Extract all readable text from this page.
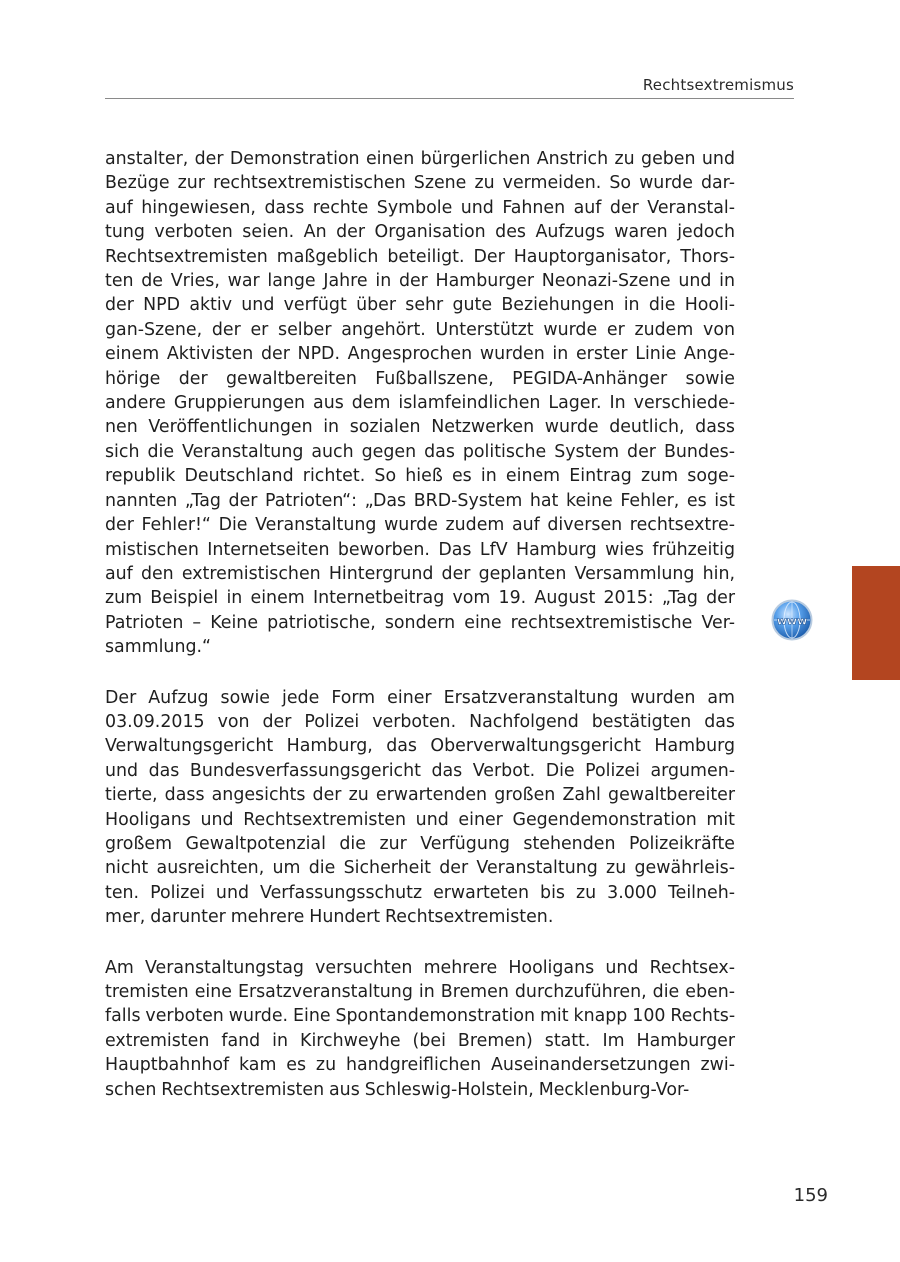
Rechtsextremismus

anstalter, der Demonstration einen bürgerlichen Anstrich zu geben und
Bezüge zur rechtsextremistischen Szene zu vermeiden. So wurde dar-
auf hingewiesen, dass rechte Symbole und Fahnen auf der Veranstal-
tung verboten seien. An der Organisation des Aufzugs waren jedoch
Rechtsextremisten maßgeblich beteiligt. Der Hauptorganisator, Thors-
ten de Vries, war lange Jahre in der Hamburger Neonazi-Szene und in
der NPD aktiv und verfügt über sehr gute Beziehungen in die Hooli-
gan-Szene, der er selber angehört. Unterstützt wurde er zudem von
einem Aktivisten der NPD. Angesprochen wurden in erster Linie Ange-
hörige der gewaltbereiten Fußballszene, PEGIDA-Anhänger sowie
andere Gruppierungen aus dem islamfeindlichen Lager. In verschiede-
nen Veröffentlichungen in sozialen Netzwerken wurde deutlich, dass
sich die Veranstaltung auch gegen das politische System der Bundes-
republik Deutschland richtet. So hieß es in einem Eintrag zum soge-
nannten „Tag der Patrioten“: „Das BRD-System hat keine Fehler, es ist
der Fehler!“ Die Veranstaltung wurde zudem auf diversen rechtsextre-
mistischen Internetseiten beworben. Das LfV Hamburg wies frühzeitig
auf den extremistischen Hintergrund der geplanten Versammlung hin,
zum Beispiel in einem Internetbeitrag vom 19. August 2015: „Tag der
Patrioten – Keine patriotische, sondern eine rechtsextremistische Ver-
sammlung.“

Der Aufzug sowie jede Form einer Ersatzveranstaltung wurden am
03.09.2015 von der Polizei verboten. Nachfolgend bestätigten das
Verwaltungsgericht Hamburg, das Oberverwaltungsgericht Hamburg
und das Bundesverfassungsgericht das Verbot. Die Polizei argumen-
tierte, dass angesichts der zu erwartenden großen Zahl gewaltbereiter
Hooligans und Rechtsextremisten und einer Gegendemonstration mit
großem Gewaltpotenzial die zur Verfügung stehenden Polizeikräfte
nicht ausreichten, um die Sicherheit der Veranstaltung zu gewährleis-
ten. Polizei und Verfassungsschutz erwarteten bis zu 3.000 Teilneh-
mer, darunter mehrere Hundert Rechtsextremisten.

Am Veranstaltungstag versuchten mehrere Hooligans und Rechtsex-
tremisten eine Ersatzveranstaltung in Bremen durchzuführen, die eben-
falls verboten wurde. Eine Spontandemonstration mit knapp 100 Rechts-
extremisten fand in Kirchweyhe (bei Bremen) statt. Im Hamburger
Hauptbahnhof kam es zu handgreiflichen Auseinandersetzungen zwi-
schen Rechtsextremisten aus Schleswig-Holstein, Mecklenburg-Vor-

www
159
